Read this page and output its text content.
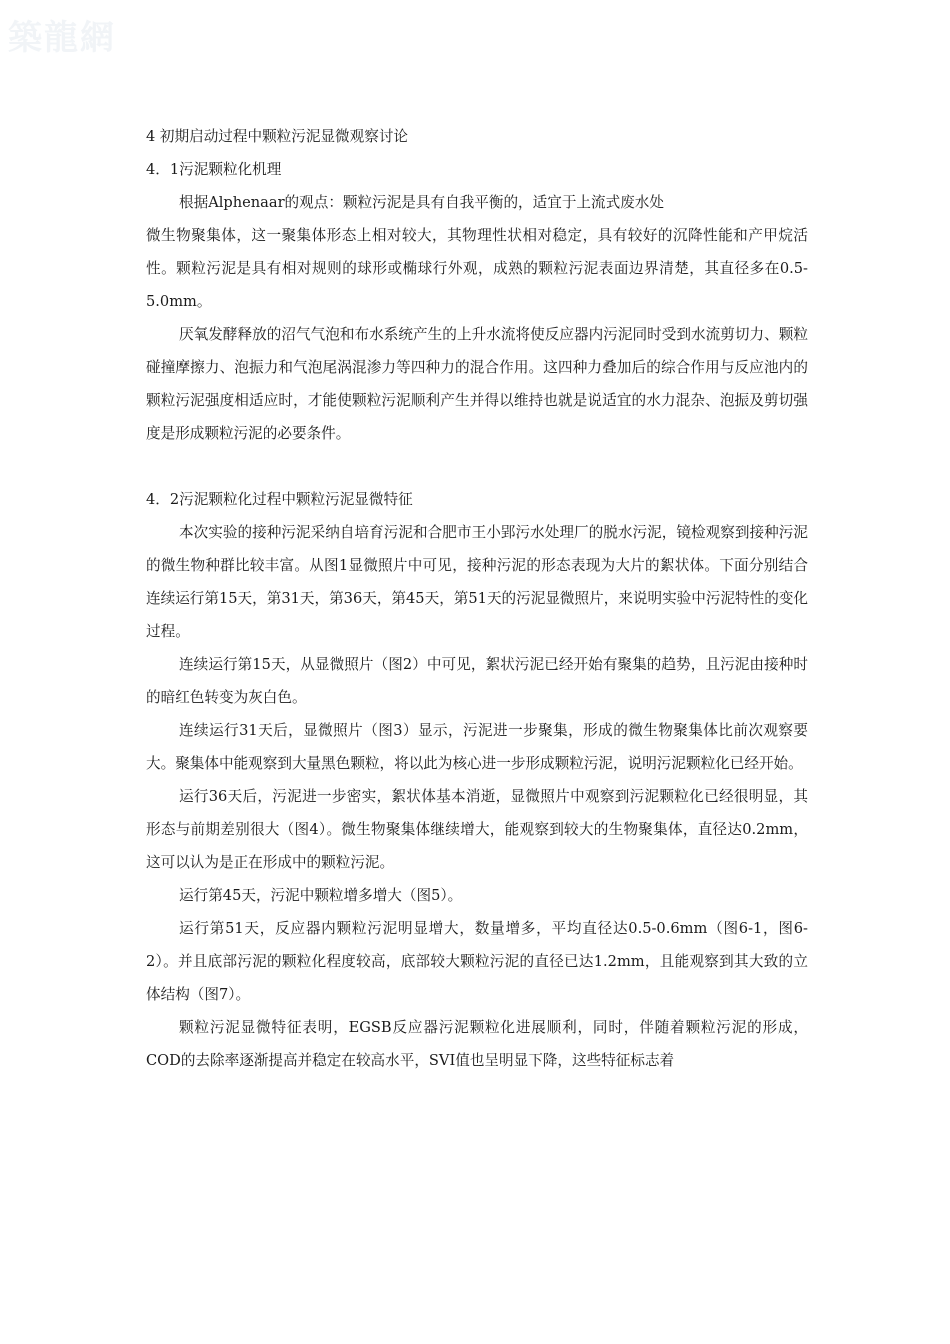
築龍網

4 初期启动过程中颗粒污泥显微观察讨论

4．1污泥颗粒化机理

根据Alphenaar的观点：颗粒污泥是具有自我平衡的，适宜于上流式废水处

微生物聚集体，这一聚集体形态上相对较大，其物理性状相对稳定，具有较好的沉降性能和产甲烷活性。颗粒污泥是具有相对规则的球形或椭球行外观，成熟的颗粒污泥表面边界清楚，其直径多在0.5-5.0mm。

厌氧发酵释放的沼气气泡和布水系统产生的上升水流将使反应器内污泥同时受到水流剪切力、颗粒碰撞摩擦力、泡振力和气泡尾涡混渗力等四种力的混合作用。这四种力叠加后的综合作用与反应池内的颗粒污泥强度相适应时，才能使颗粒污泥顺利产生并得以维持也就是说适宜的水力混杂、泡振及剪切强度是形成颗粒污泥的必要条件。

4．2污泥颗粒化过程中颗粒污泥显微特征

本次实验的接种污泥采纳自培育污泥和合肥市王小郢污水处理厂的脱水污泥，镜检观察到接种污泥的微生物种群比较丰富。从图1显微照片中可见，接种污泥的形态表现为大片的絮状体。下面分别结合连续运行第15天，第31天，第36天，第45天，第51天的污泥显微照片，来说明实验中污泥特性的变化过程。

连续运行第15天，从显微照片（图2）中可见，絮状污泥已经开始有聚集的趋势，且污泥由接种时的暗红色转变为灰白色。

连续运行31天后，显微照片（图3）显示，污泥进一步聚集，形成的微生物聚集体比前次观察要大。聚集体中能观察到大量黑色颗粒，将以此为核心进一步形成颗粒污泥，说明污泥颗粒化已经开始。

运行36天后，污泥进一步密实，絮状体基本消逝，显微照片中观察到污泥颗粒化已经很明显，其形态与前期差别很大（图4）。微生物聚集体继续增大，能观察到较大的生物聚集体，直径达0.2mm，这可以认为是正在形成中的颗粒污泥。

运行第45天，污泥中颗粒增多增大（图5）。

运行第51天，反应器内颗粒污泥明显增大，数量增多，平均直径达0.5-0.6mm（图6-1，图6-2）。并且底部污泥的颗粒化程度较高，底部较大颗粒污泥的直径已达1.2mm，且能观察到其大致的立体结构（图7）。

颗粒污泥显微特征表明，EGSB反应器污泥颗粒化进展顺利，同时，伴随着颗粒污泥的形成，COD的去除率逐渐提高并稳定在较高水平，SVI值也呈明显下降，这些特征标志着
